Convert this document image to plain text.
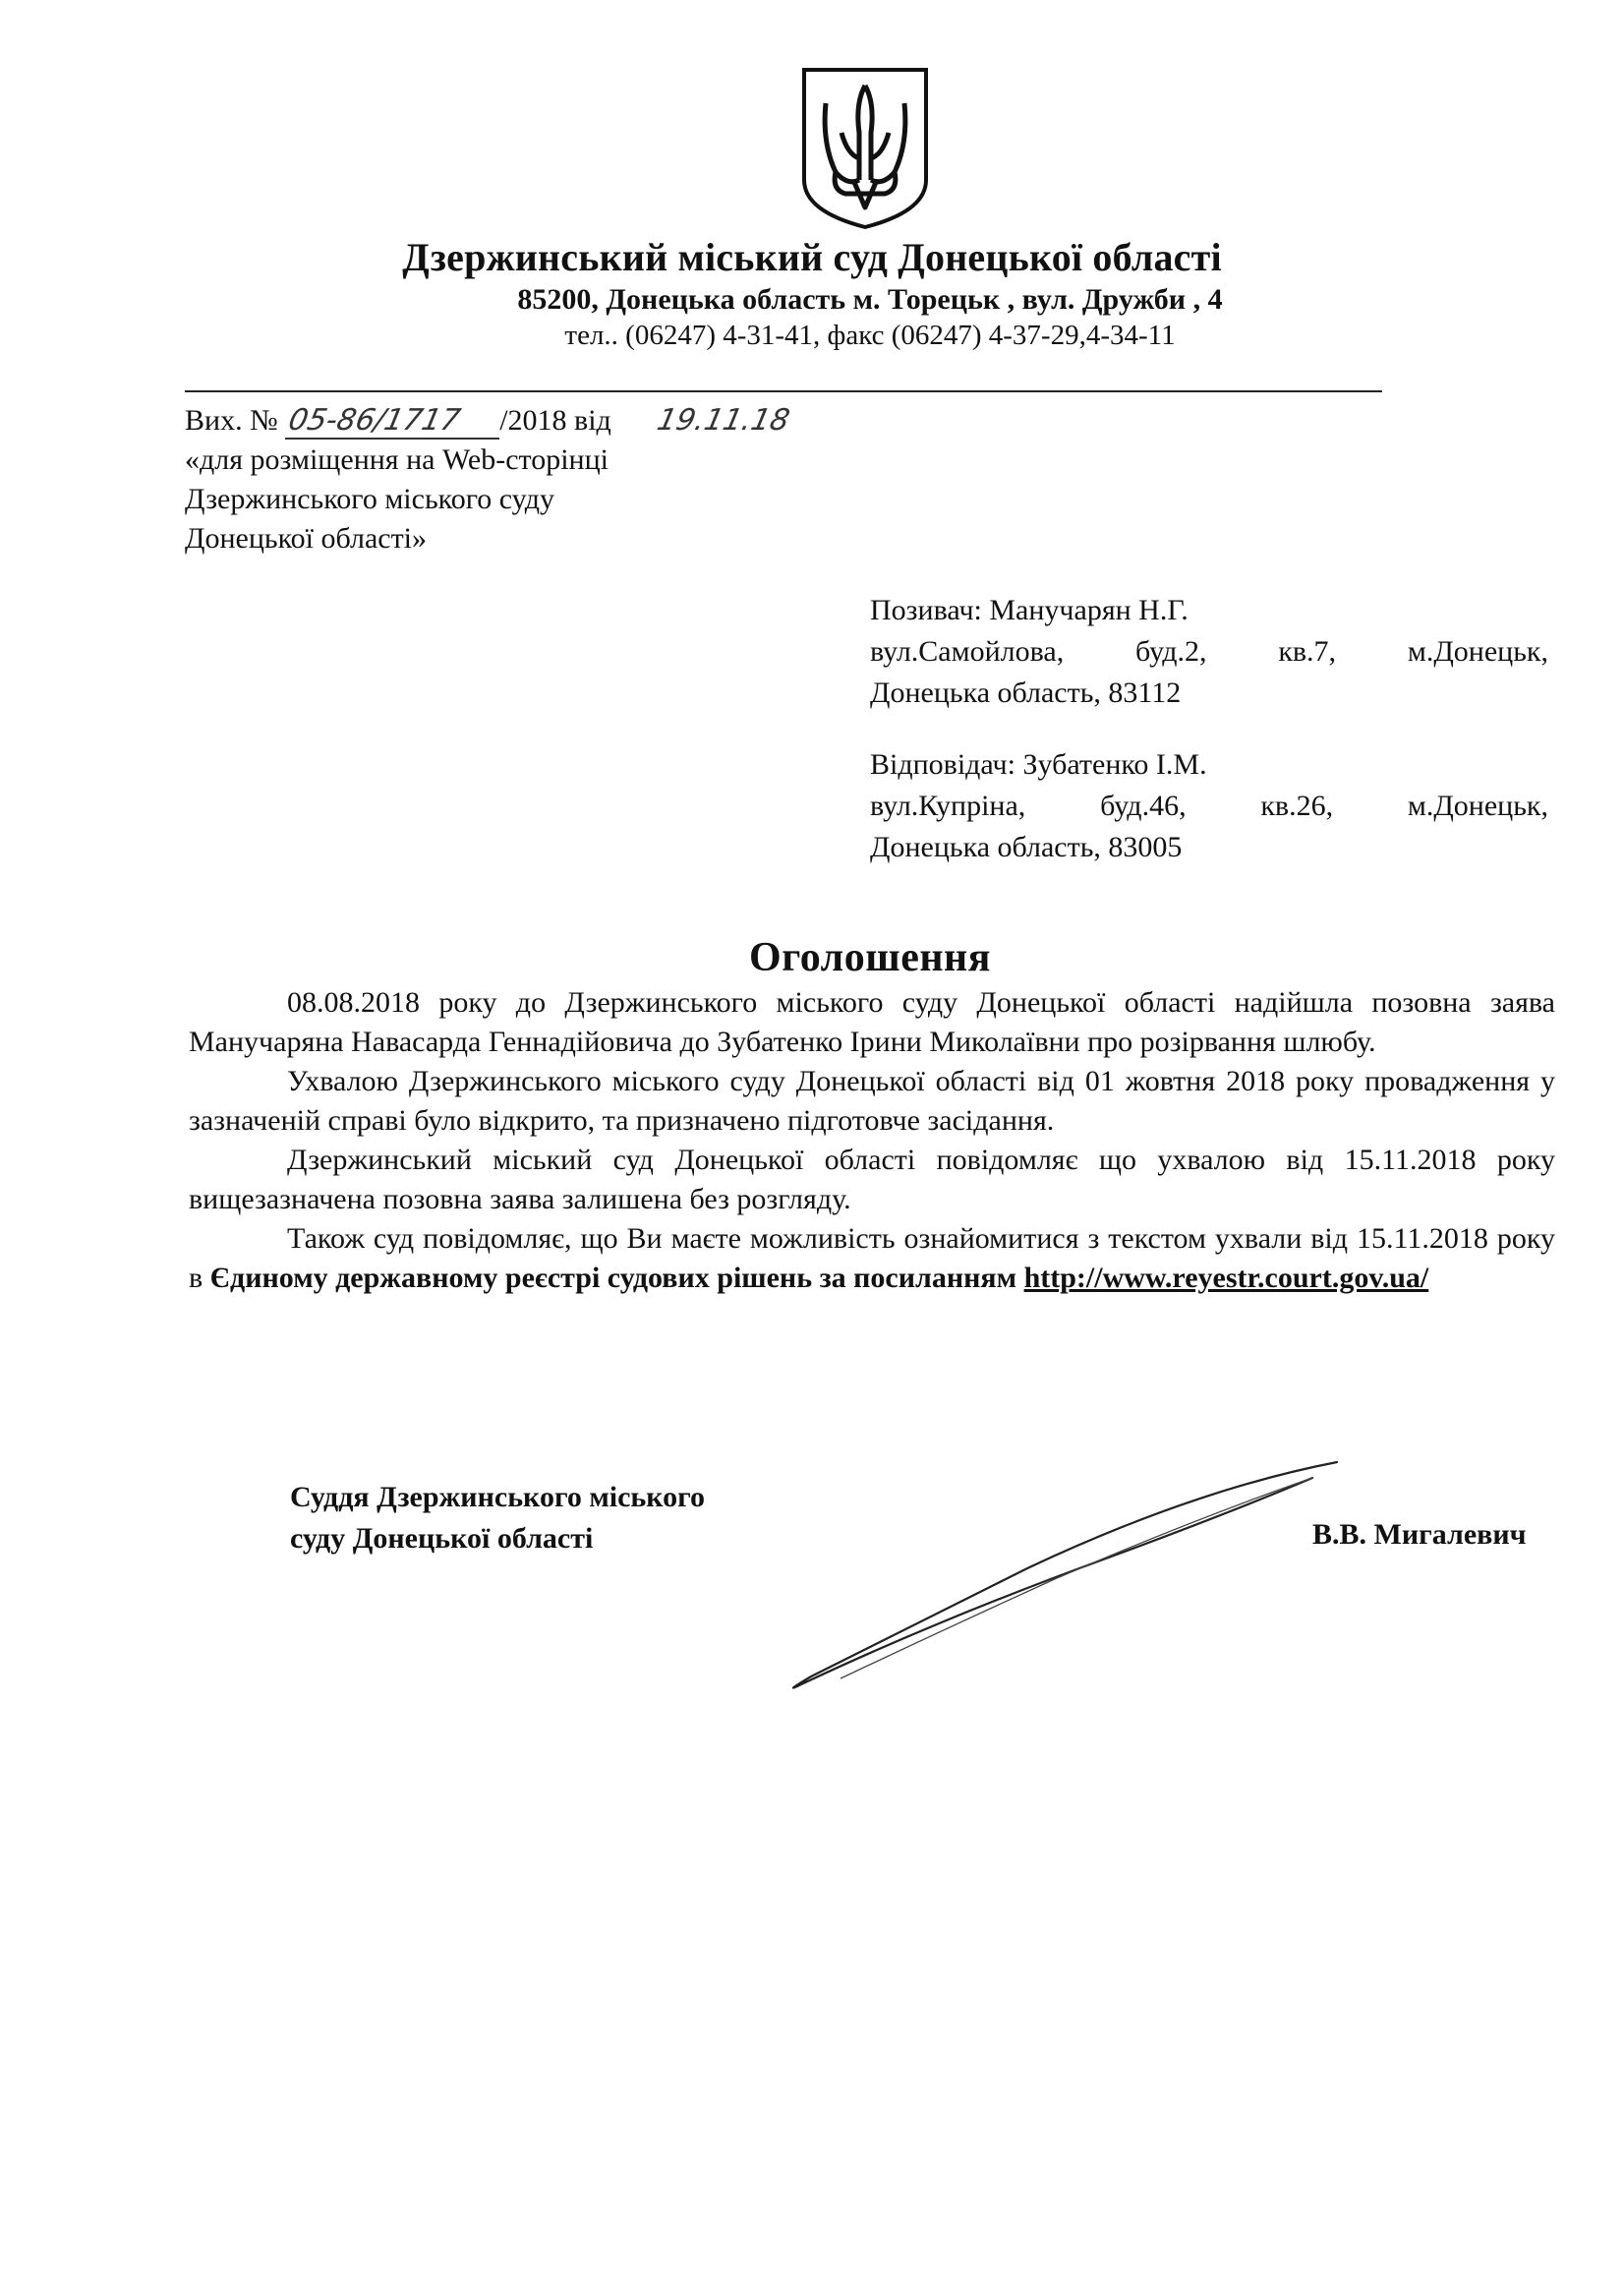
Дзержинський міський суд Донецької області
85200, Донецька область м. Торецьк , вул. Дружби , 4
тел.. (06247) 4-31-41, факс (06247) 4-37-29,4-34-11
Вих. № 05-86/1717 /2018 від 19.11.18
«для розміщення на Web-сторінці
Дзержинського міського суду
Донецької області»
Позивач: Манучарян Н.Г.
вул.Самойлова, буд.2, кв.7, м.Донецьк,
Донецька область, 83112
Відповідач: Зубатенко І.М.
вул.Купріна,	буд.46,	кв.26,	м.Донецьк,
Донецька область, 83005
Оголошення

08.08.2018 року до Дзержинського міського суду Донецької області надійшла позовна заява Манучаряна Навасарда Геннадійовича до Зубатенко Ірини Миколаївни про розірвання шлюбу.

Ухвалою Дзержинського міського суду Донецької області від 01 жовтня 2018 року провадження у зазначеній справі було відкрито, та призначено підготовче засідання.

Дзержинський міський суд Донецької області повідомляє що ухвалою від 15.11.2018 року вищезазначена позовна заява залишена без розгляду.

Також суд повідомляє, що Ви маєте можливість ознайомитися з текстом ухвали від 15.11.2018 року в Єдиному державному реєстрі судових рішень за посиланням http://www.reyestr.court.gov.ua/

Суддя Дзержинського міського
суду Донецької області	В.В. Мигалевич
